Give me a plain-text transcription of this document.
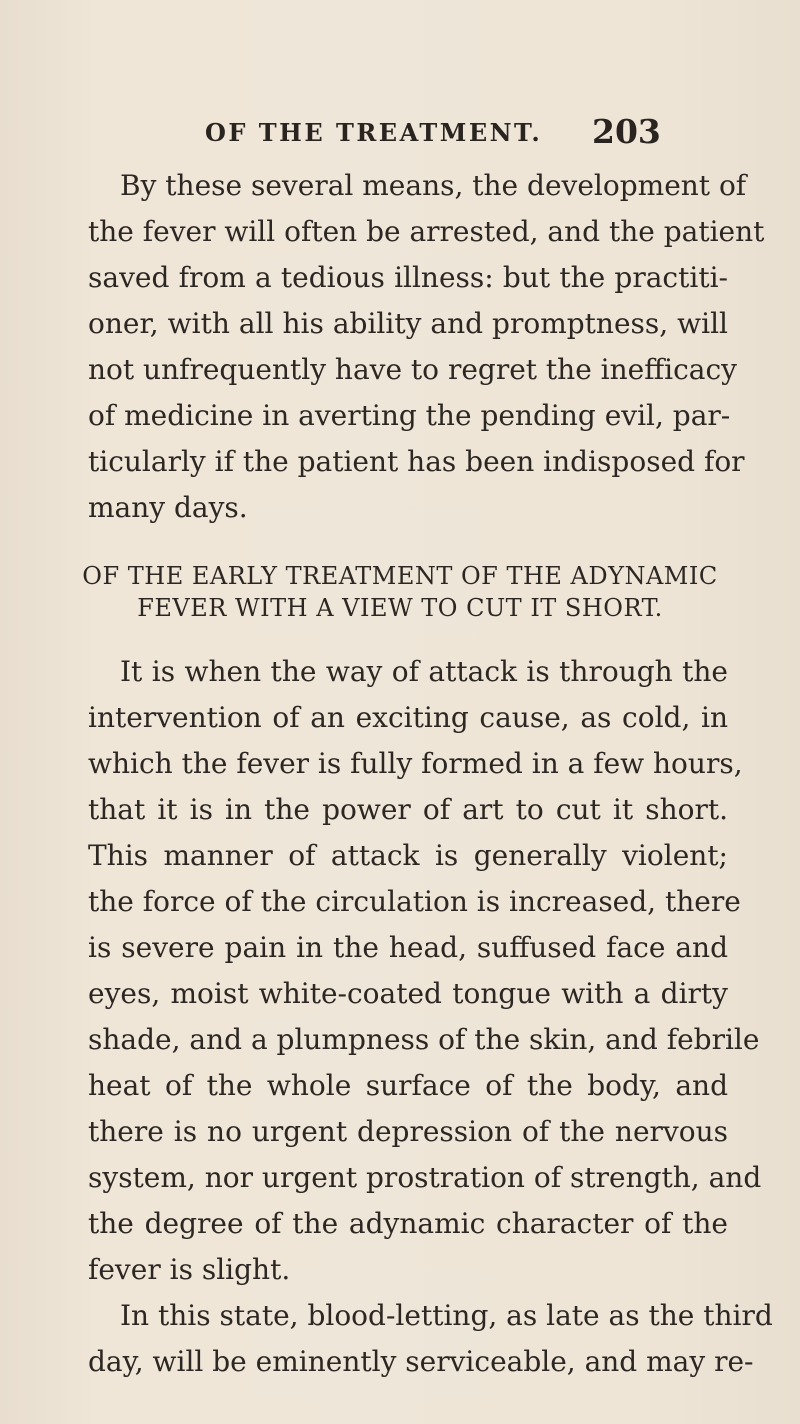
OF THE TREATMENT. 203
By these several means, the development of
the fever will often be arrested, and the patient
saved from a tedious illness: but the practiti-
oner, with all his ability and promptness, will
not unfrequently have to regret the inefficacy
of medicine in averting the pending evil, par-
ticularly if the patient has been indisposed for
many days.
OF THE EARLY TREATMENT OF THE ADYNAMIC
FEVER WITH A VIEW TO CUT IT SHORT.
It is when the way of attack is through the
intervention of an exciting cause, as cold, in
which the fever is fully formed in a few hours,
that it is in the power of art to cut it short.
This manner of attack is generally violent;
the force of the circulation is increased, there
is severe pain in the head, suffused face and
eyes, moist white-coated tongue with a dirty
shade, and a plumpness of the skin, and febrile
heat of the whole surface of the body, and
there is no urgent depression of the nervous
system, nor urgent prostration of strength, and
the degree of the adynamic character of the
fever is slight.
In this state, blood-letting, as late as the third
day, will be eminently serviceable, and may re-
